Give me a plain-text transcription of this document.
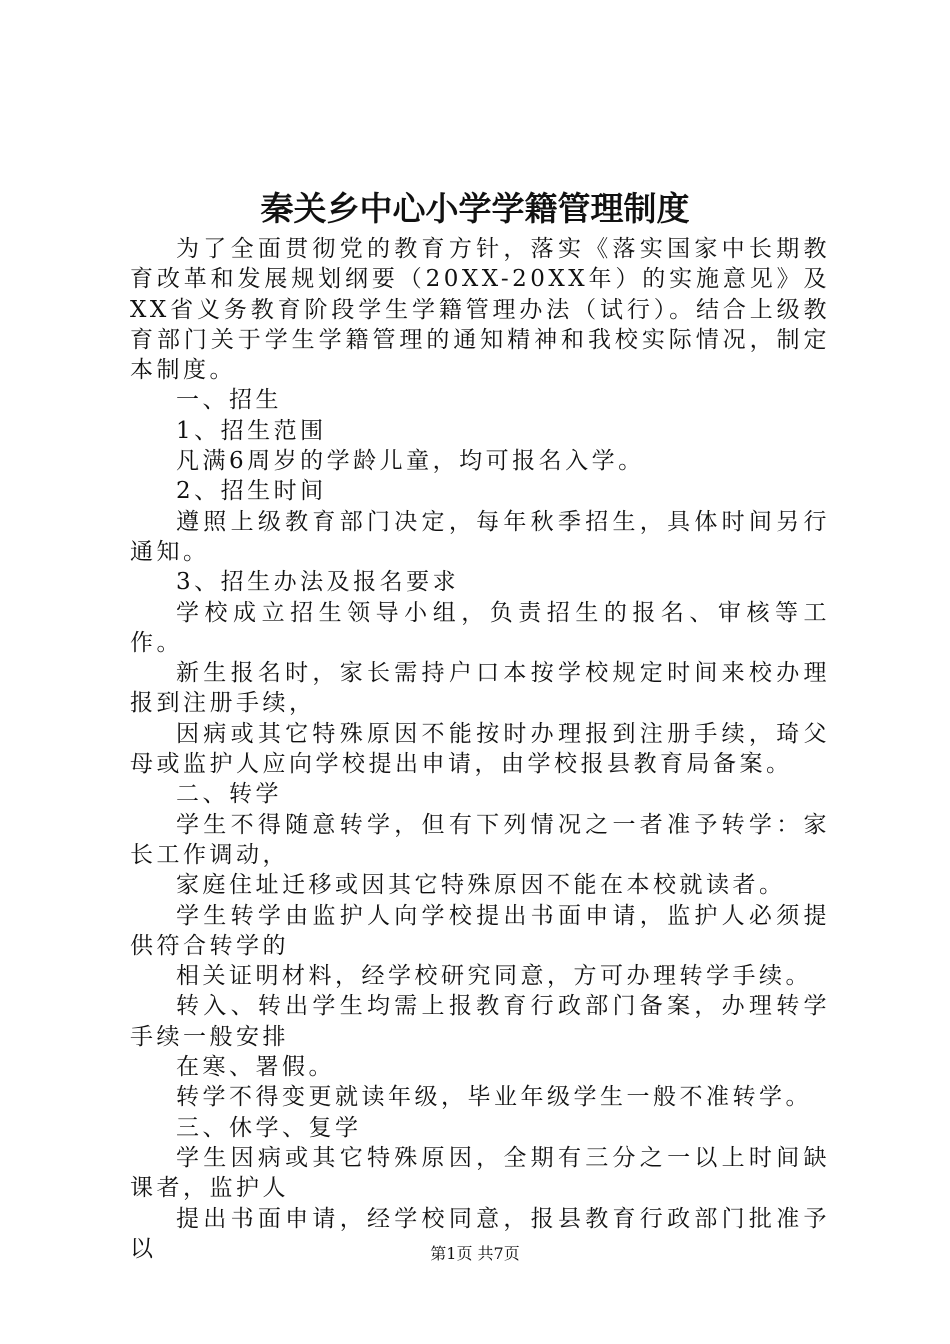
秦关乡中心小学学籍管理制度

为了全面贯彻党的教育方针，落实《落实国家中长期教育改革和发展规划纲要（20XX-20XX年）的实施意见》及XX省义务教育阶段学生学籍管理办法（试行）。结合上级教育部门关于学生学籍管理的通知精神和我校实际情况，制定本制度。

一、招生

1、招生范围

凡满6周岁的学龄儿童，均可报名入学。

2、招生时间

遵照上级教育部门决定，每年秋季招生，具体时间另行通知。

3、招生办法及报名要求

学校成立招生领导小组，负责招生的报名、审核等工作。

新生报名时，家长需持户口本按学校规定时间来校办理报到注册手续，

因病或其它特殊原因不能按时办理报到注册手续，琦父母或监护人应向学校提出申请，由学校报县教育局备案。

二、转学

学生不得随意转学，但有下列情况之一者准予转学：家长工作调动，

家庭住址迁移或因其它特殊原因不能在本校就读者。

学生转学由监护人向学校提出书面申请，监护人必须提供符合转学的

相关证明材料，经学校研究同意，方可办理转学手续。

转入、转出学生均需上报教育行政部门备案，办理转学手续一般安排

在寒、署假。

转学不得变更就读年级，毕业年级学生一般不准转学。

三、休学、复学

学生因病或其它特殊原因，全期有三分之一以上时间缺课者，监护人

提出书面申请，经学校同意，报县教育行政部门批准予以	第1页 共7页
